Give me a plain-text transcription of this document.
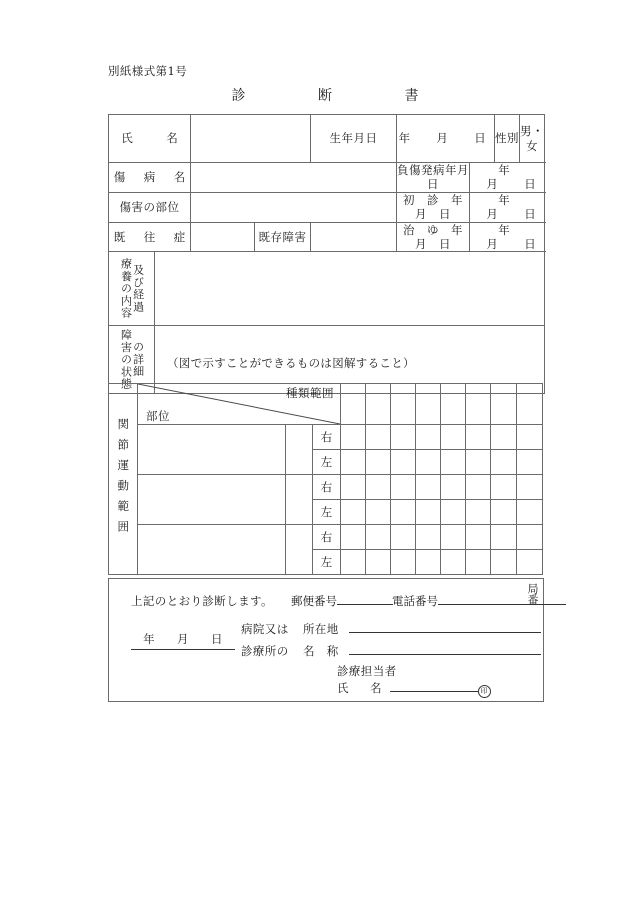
別紙様式第1号
診 断 書
氏　　名				生年月日	年 月 日		性別	男・女
傷　病　名					負傷発病年月日	年月 日		
傷害の部位					初　診　年　月　日	年月 日		
既　往　症			既存障害		治　ゆ　年　月　日	年月 日		

療養の内容 及び経過								

障害の状態 の詳細	（図で示すことができるものは図解すること）							
関節運動範囲	種類範囲
部位										

			右								
			左								
			右								
			左								
			右								
			左								
上記のとおり診断します。 郵便番号	電話番号	局番
年 月 日
病院又は 所在地
診療所の 名　称
診療担当者
氏　名	印
